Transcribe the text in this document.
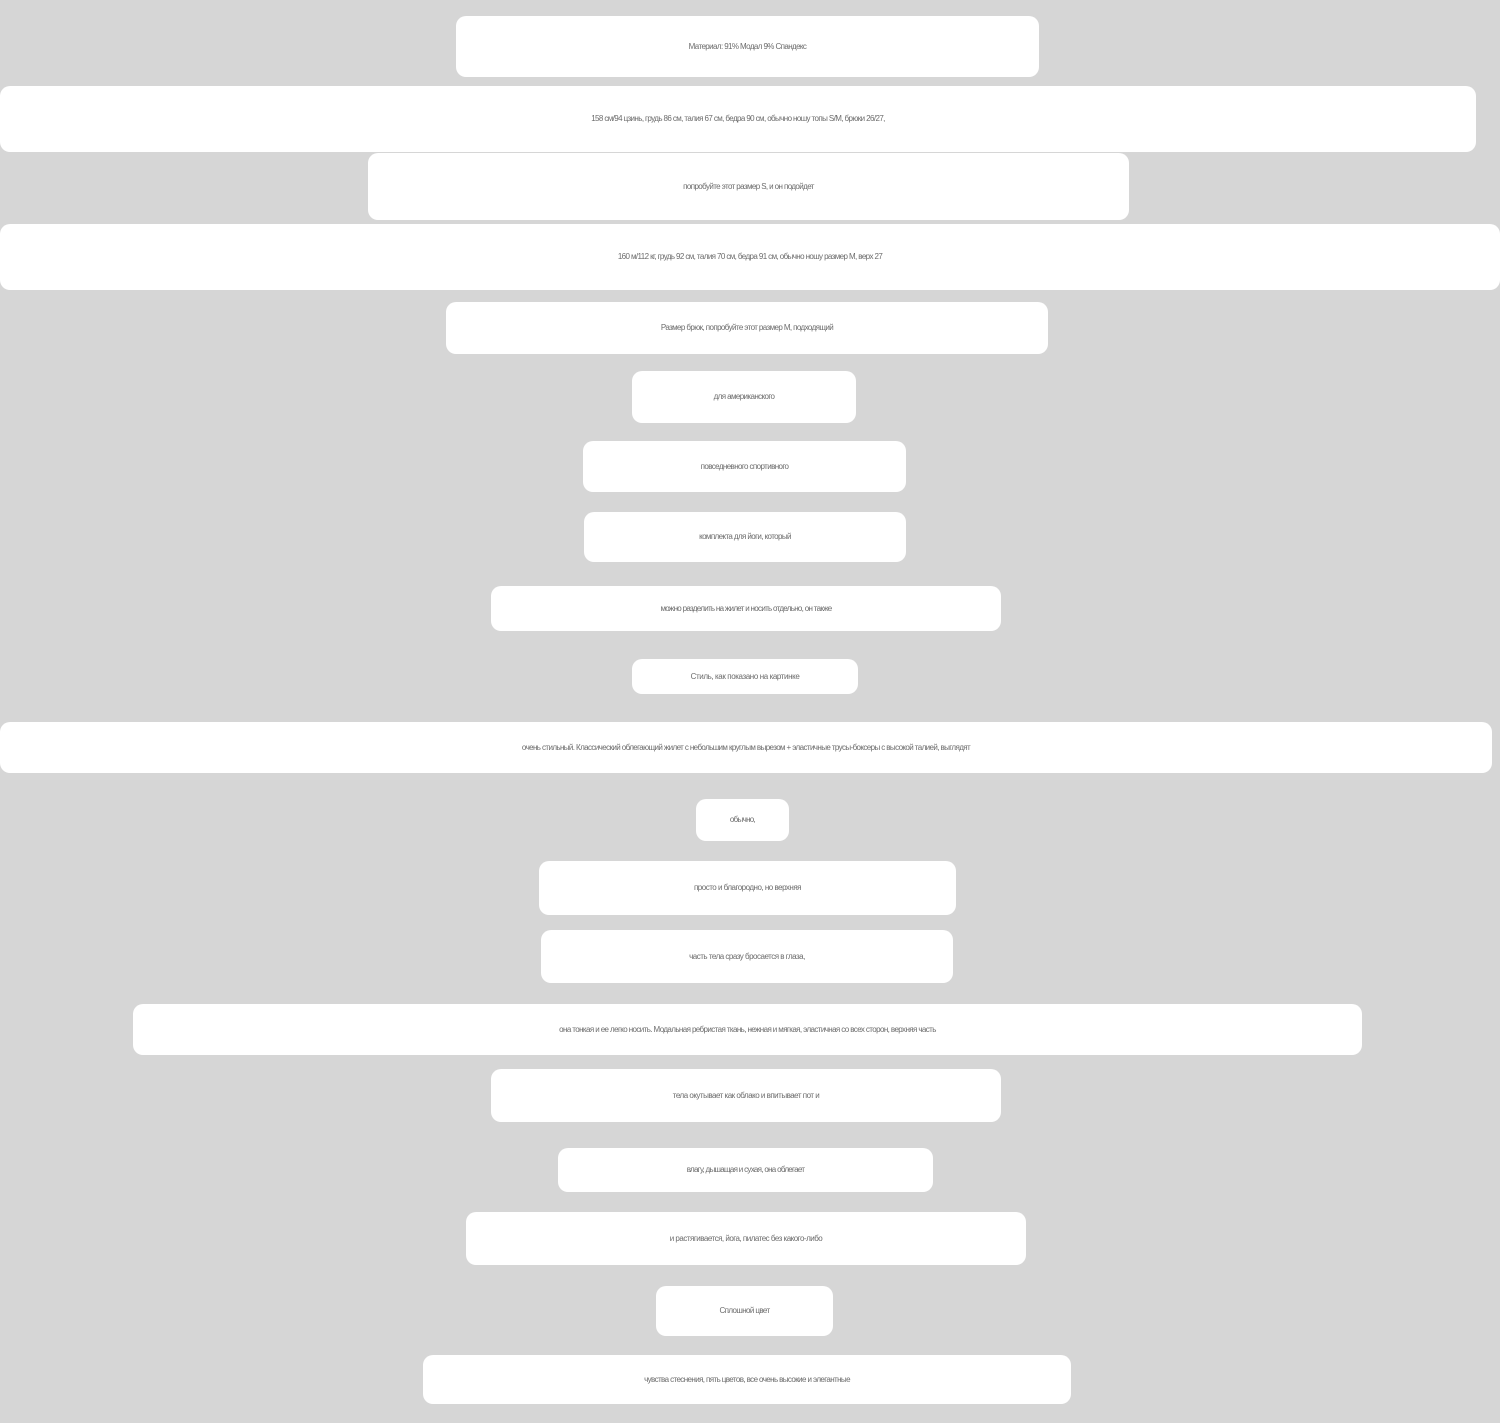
Материал: 91% Модал 9% Спандекс
158 см/94 цзинь, грудь 86 см, талия 67 см, бедра 90 см, обычно ношу топы S/M, брюки 26/27,
попробуйте этот размер S, и он подойдет
160 м/112 кг, грудь 92 см, талия 70 см, бедра 91 см, обычно ношу размер М, верх 27
Размер брюк, попробуйте этот размер М, подходящий
для американского
повседневного спортивного
комплекта для йоги, который
можно разделить на жилет и носить отдельно, он также
Стиль, как показано на картинке
очень стильный. Классический облегающий жилет с небольшим круглым вырезом + эластичные трусы-боксеры с высокой талией, выглядят
обычно,
просто и благородно, но верхняя
часть тела сразу бросается в глаза,
она тонкая и ее легко носить. Модальная ребристая ткань, нежная и мягкая, эластичная со всех сторон, верхняя часть
тела окутывает как облако и впитывает пот и
влагу, дышащая и сухая, она облегает
и растягивается, йога, пилатес без какого-либо
Сплошной цвет
чувства стеснения, пять цветов, все очень высокие и элегантные
